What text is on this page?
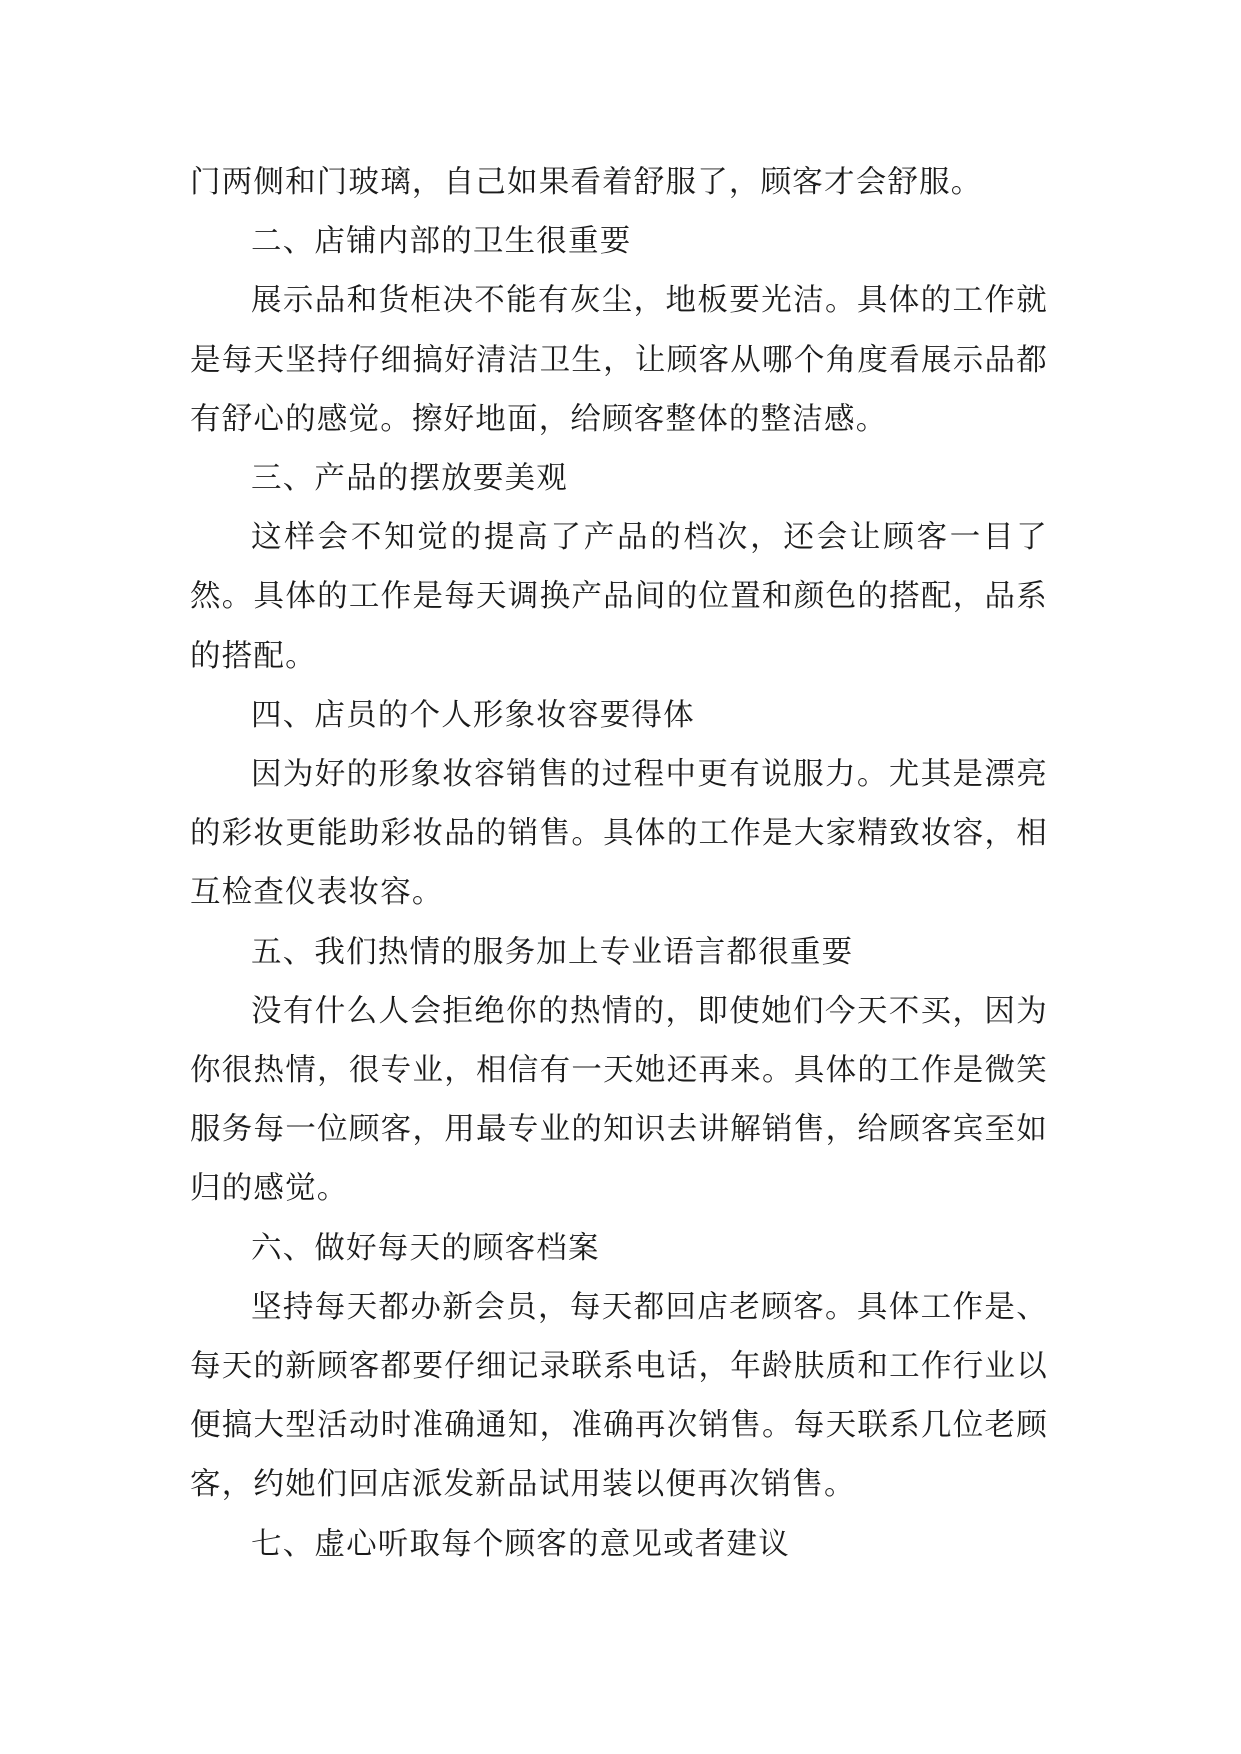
门两侧和门玻璃，自己如果看着舒服了，顾客才会舒服。

二、店铺内部的卫生很重要

展示品和货柜决不能有灰尘，地板要光洁。具体的工作就是每天坚持仔细搞好清洁卫生，让顾客从哪个角度看展示品都有舒心的感觉。擦好地面，给顾客整体的整洁感。

三、产品的摆放要美观

这样会不知觉的提高了产品的档次，还会让顾客一目了然。具体的工作是每天调换产品间的位置和颜色的搭配，品系的搭配。

四、店员的个人形象妆容要得体

因为好的形象妆容销售的过程中更有说服力。尤其是漂亮的彩妆更能助彩妆品的销售。具体的工作是大家精致妆容，相互检查仪表妆容。

五、我们热情的服务加上专业语言都很重要

没有什么人会拒绝你的热情的，即使她们今天不买，因为你很热情，很专业，相信有一天她还再来。具体的工作是微笑服务每一位顾客，用最专业的知识去讲解销售，给顾客宾至如归的感觉。

六、做好每天的顾客档案

坚持每天都办新会员，每天都回店老顾客。具体工作是、每天的新顾客都要仔细记录联系电话，年龄肤质和工作行业以便搞大型活动时准确通知，准确再次销售。每天联系几位老顾客，约她们回店派发新品试用装以便再次销售。

七、虚心听取每个顾客的意见或者建议
